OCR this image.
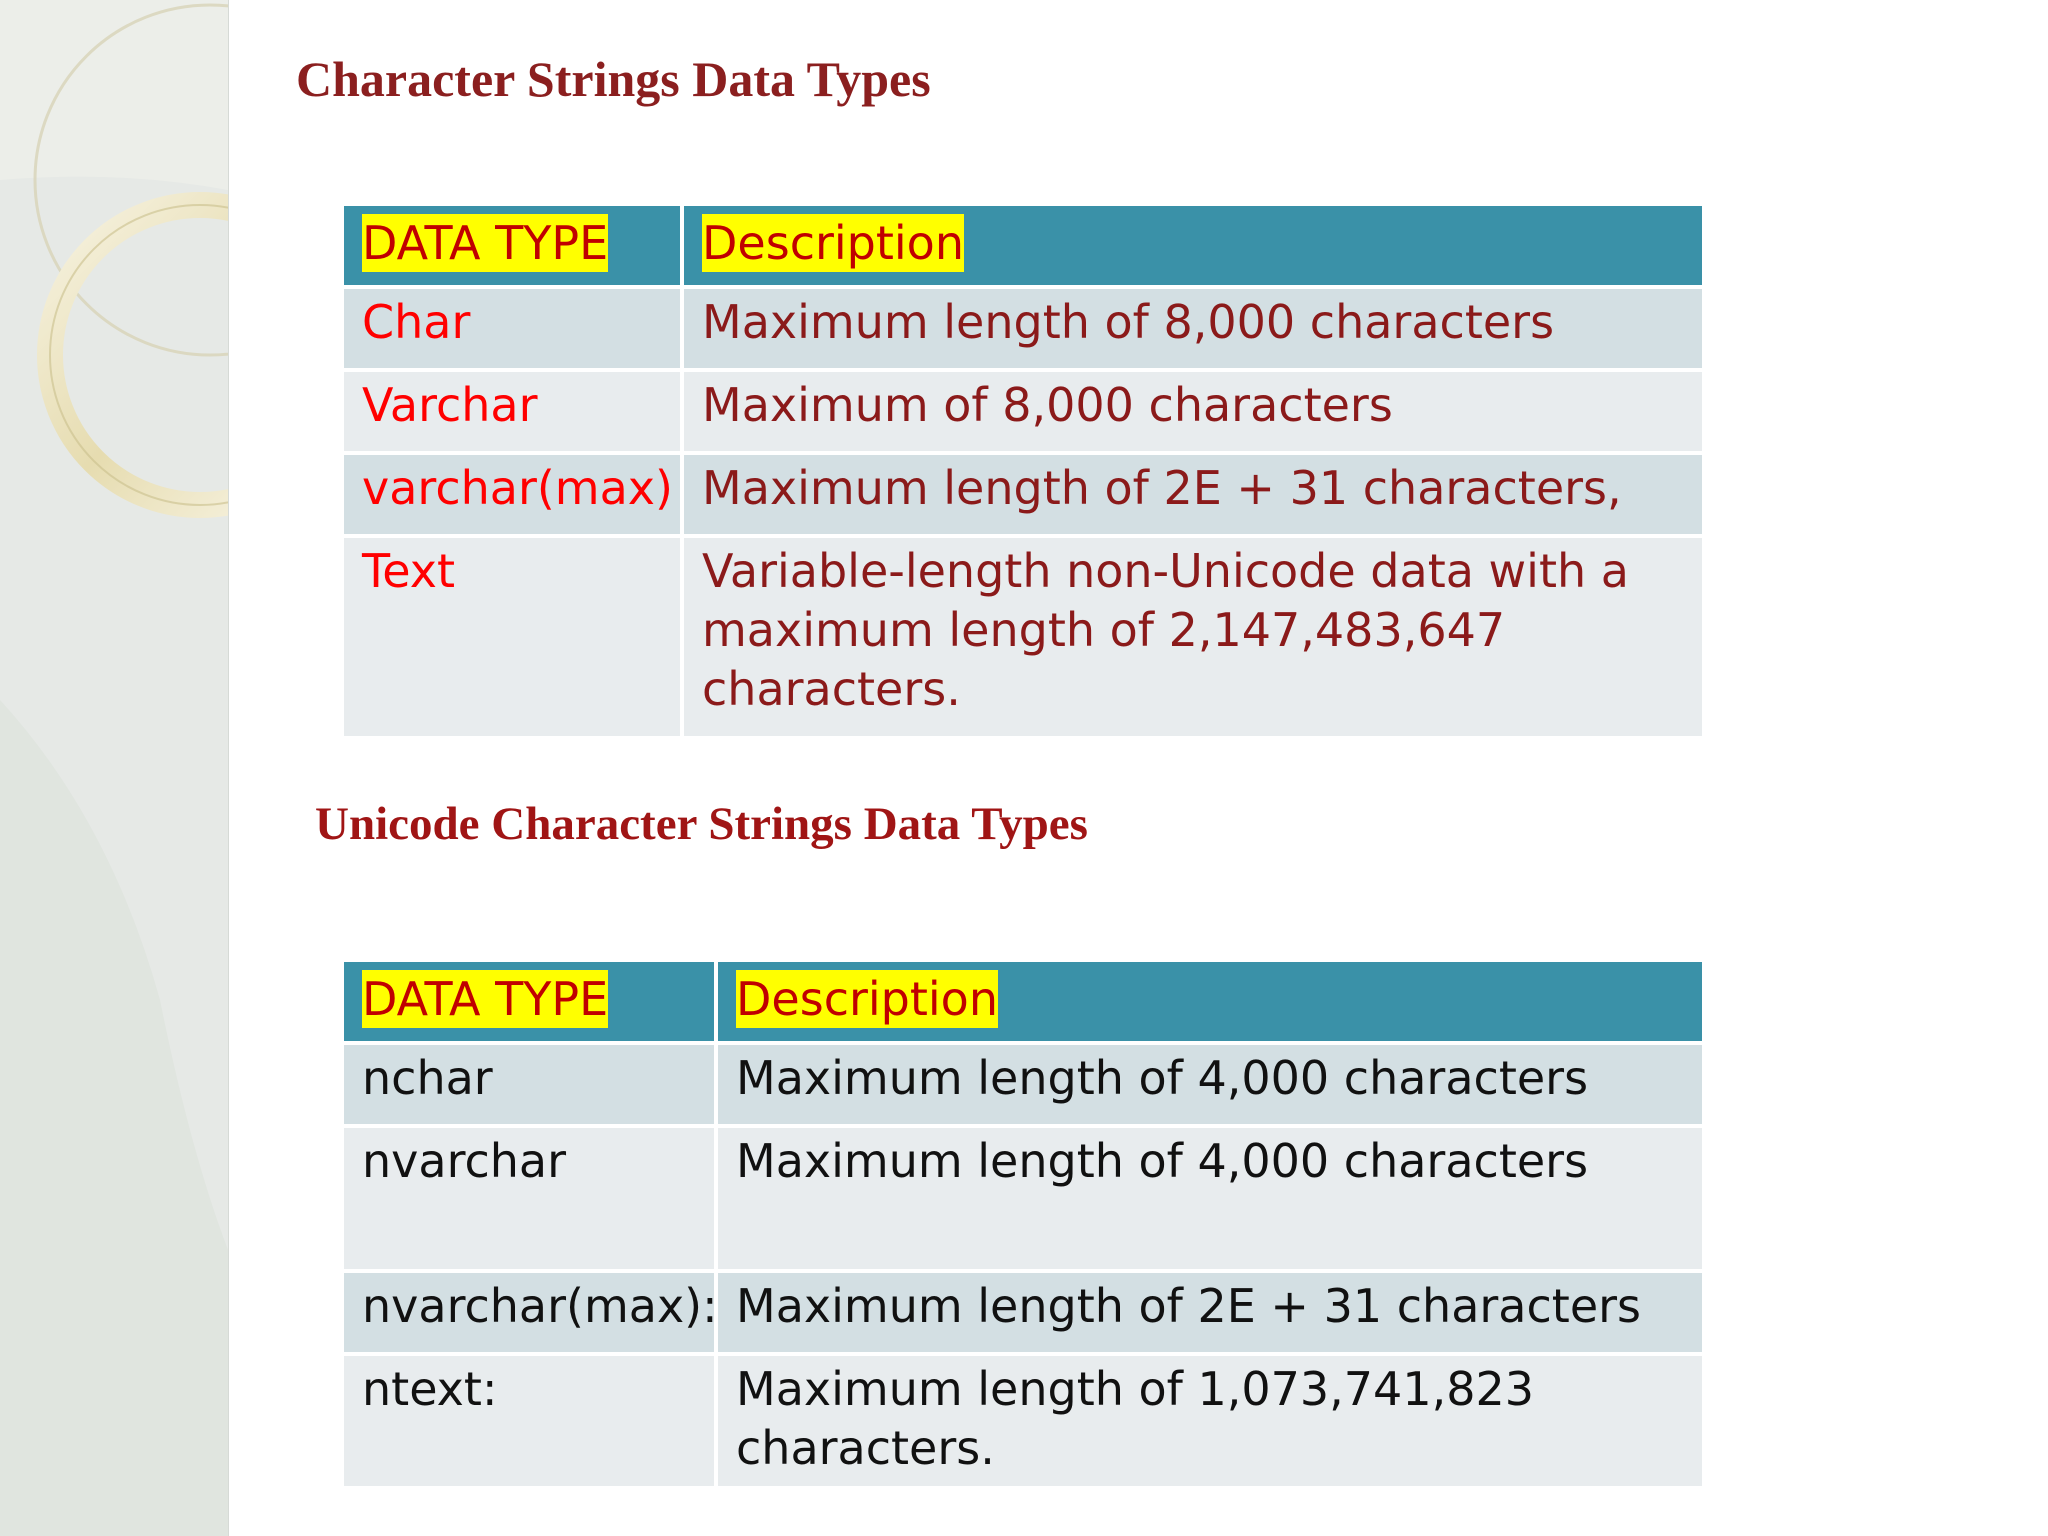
Character Strings Data Types
DATA TYPE	Description
Char	Maximum length of 8,000 characters
Varchar	Maximum of 8,000 characters
varchar(max)	Maximum length of 2E + 31 characters,
Text	Variable-length non-Unicode data with a maximum length of 2,147,483,647 characters.
Unicode Character Strings Data Types
DATA TYPE	Description
nchar	Maximum length of 4,000 characters
nvarchar	Maximum length of 4,000 characters
nvarchar(max):	Maximum length of 2E + 31 characters
ntext:	Maximum length of 1,073,741,823 characters.
